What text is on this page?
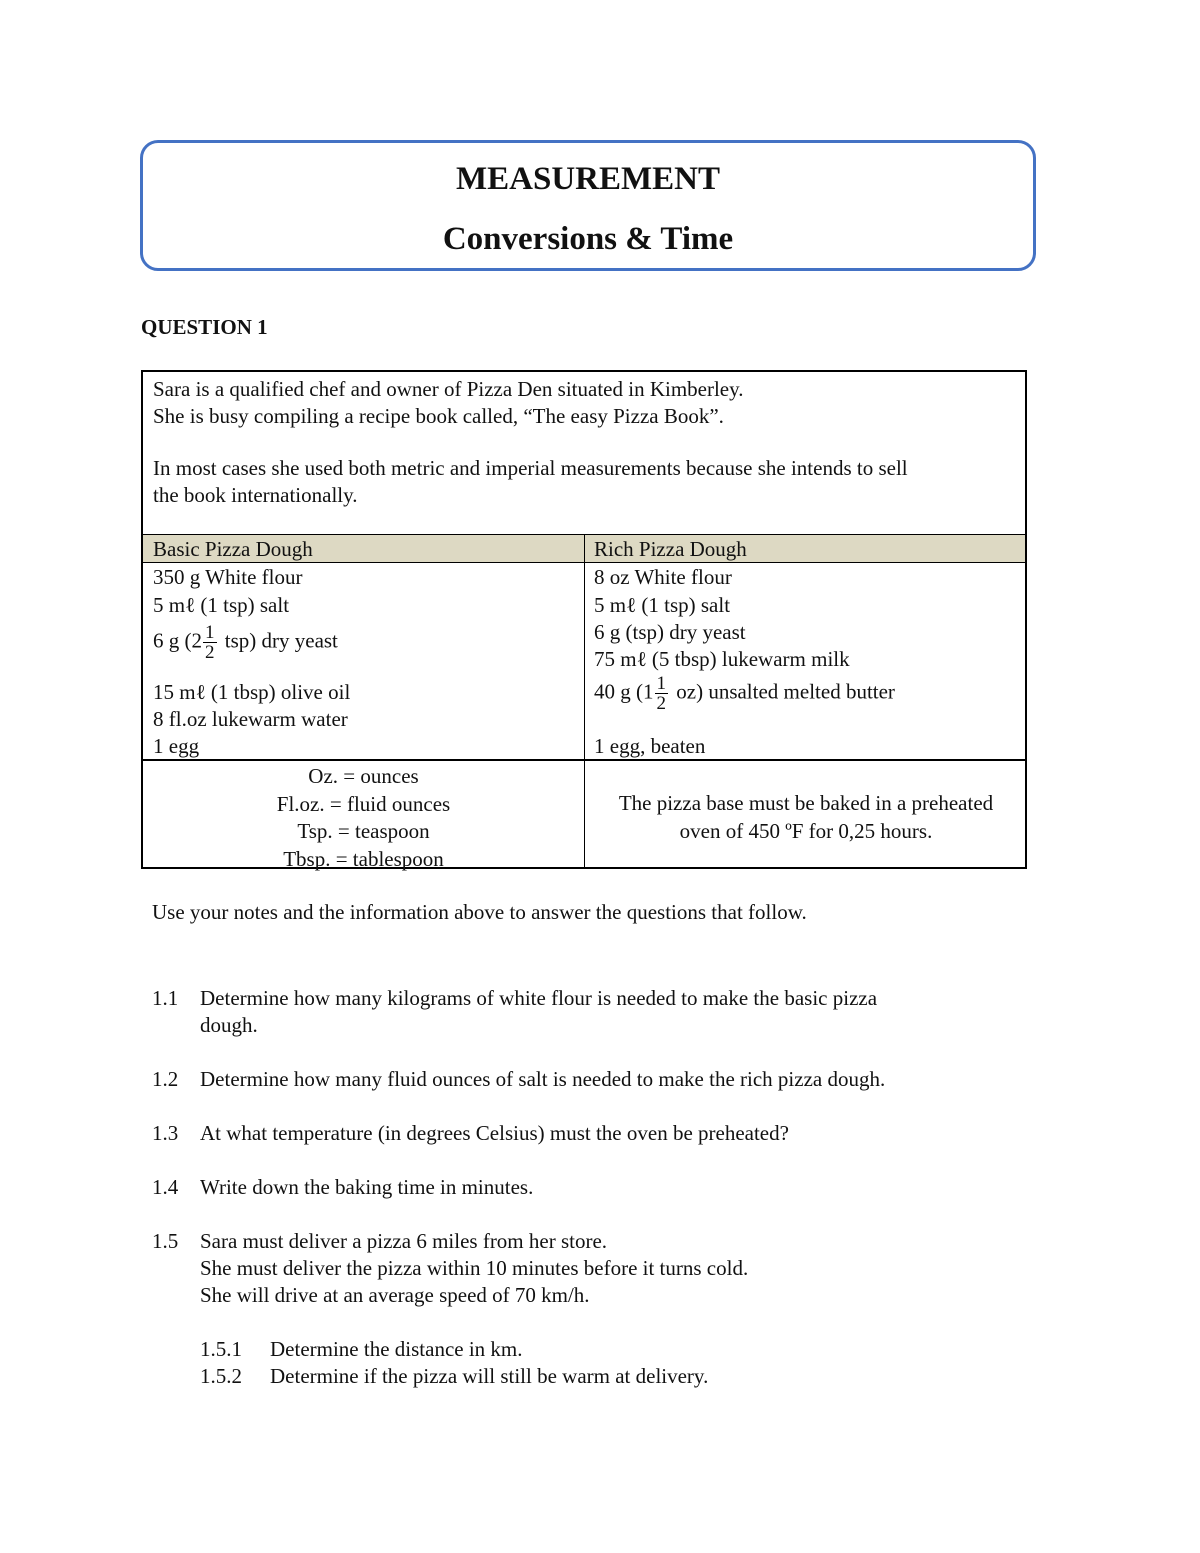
MEASUREMENT
Conversions & Time
QUESTION 1

Sara is a qualified chef and owner of Pizza Den situated in Kimberley.

She is busy compiling a recipe book called, “The easy Pizza Book”.

In most cases she used both metric and imperial measurements because she intends to sell

the book internationally.

Basic Pizza Dough	Rich Pizza Dough
350 g White flour
5 mℓ (1 tsp) salt
6 g $(2 \frac{1}{2} tsp)$ dry yeast
15 mℓ (1 tbsp) olive oil
8 fl.oz lukewarm water
1 egg
8 oz White flour
5 mℓ (1 tsp) salt
6 g (tsp) dry yeast
75 mℓ (5 tbsp) lukewarm milk
40 g $(1 \frac{1}{2} oz)$ unsalted melted butter
1 egg, beaten
Oz. = ounces
Fl.oz. = fluid ounces
Tsp. = teaspoon
Tbsp. = tablespoon
The pizza base must be baked in a preheated
oven of 450 ºF for 0,25 hours.
Use your notes and the information above to answer the questions that follow.
1.1 Determine how many kilograms of white flour is needed to make the basic pizza
dough.
1.2 Determine how many fluid ounces of salt is needed to make the rich pizza dough.
1.3 At what temperature (in degrees Celsius) must the oven be preheated?
1.4 Write down the baking time in minutes.
1.5 Sara must deliver a pizza 6 miles from her store.
She must deliver the pizza within 10 minutes before it turns cold.
She will drive at an average speed of 70 km/h.
1.5.1 Determine the distance in km.
1.5.2 Determine if the pizza will still be warm at delivery.
